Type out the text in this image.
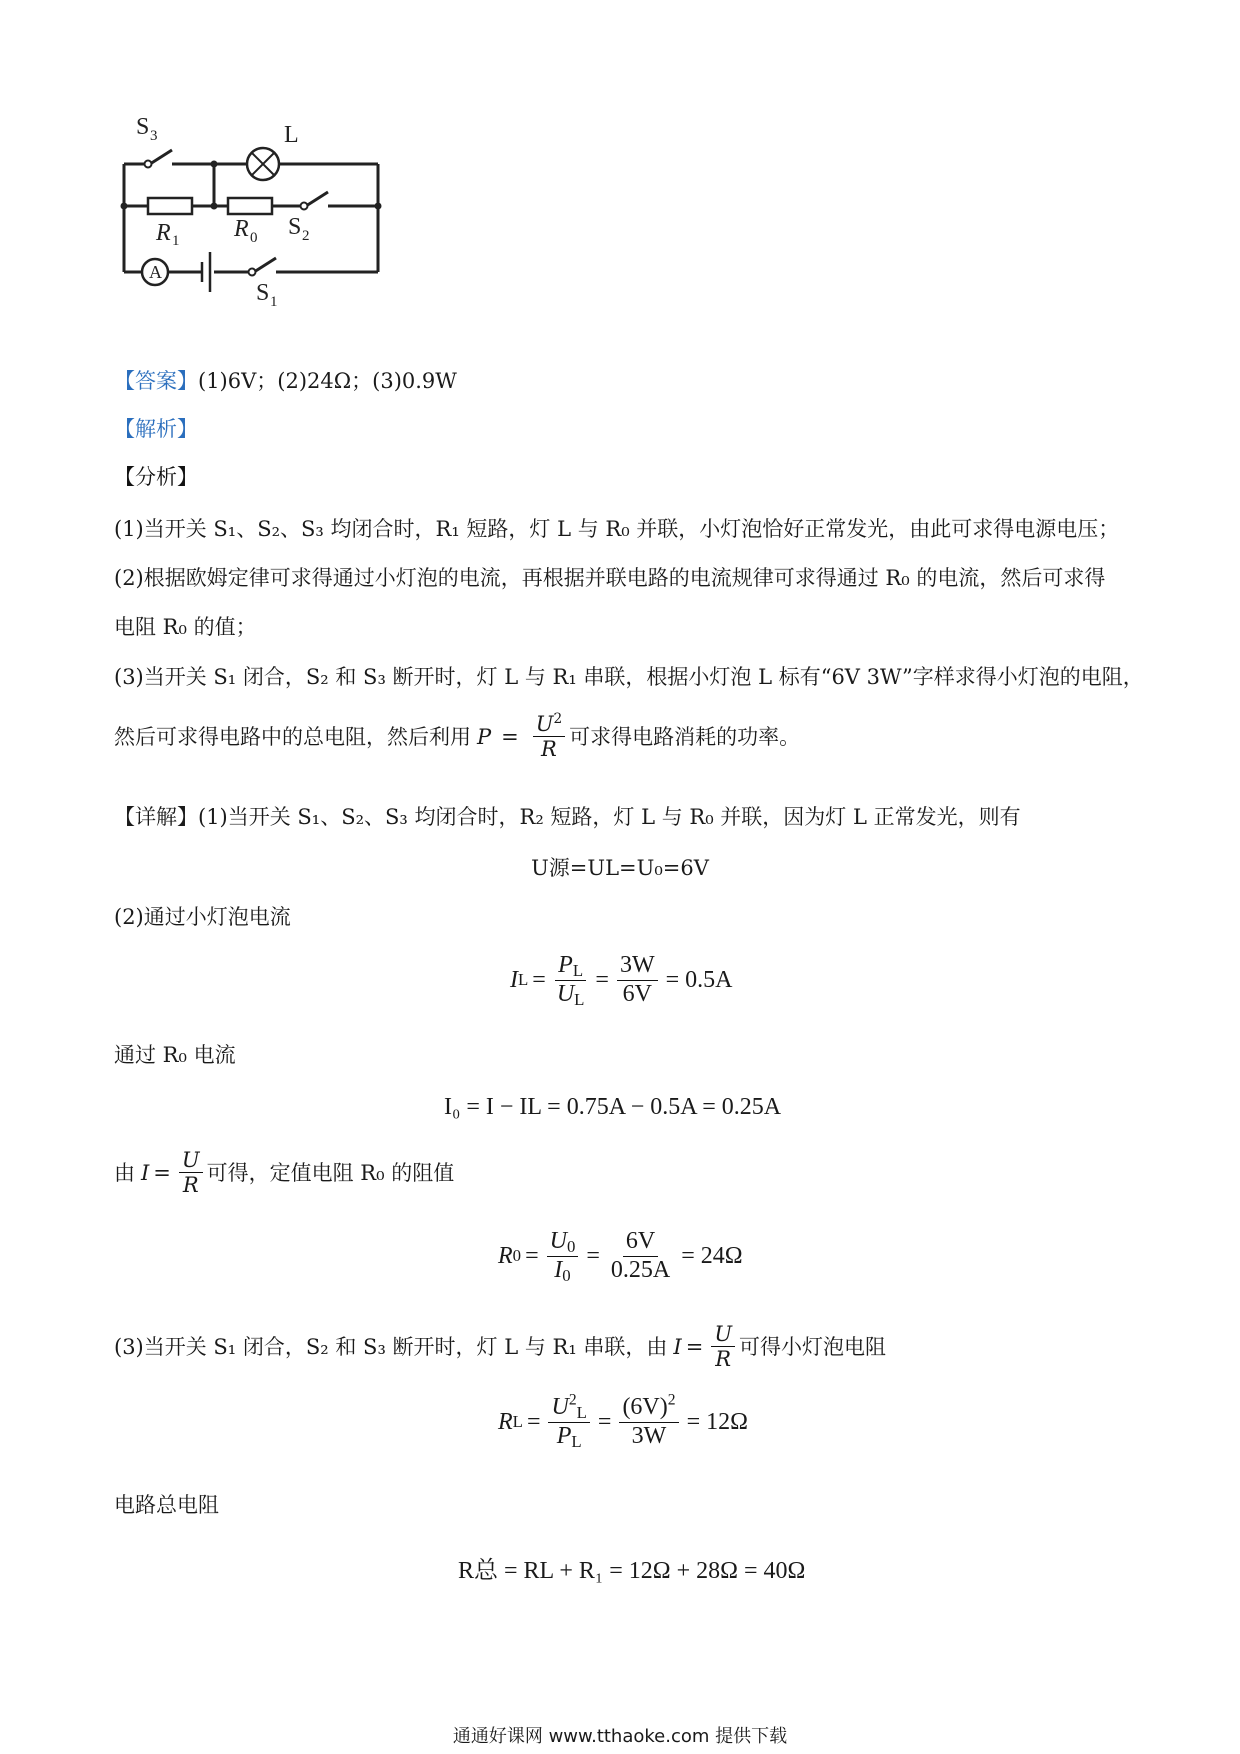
S 3	L
R 1 R 0 S 2
A
S 1
【答案】(1)6V；(2)24Ω；(3)0.9W
【解析】
【分析】
(1)当开关 S₁、S₂、S₃ 均闭合时，R₁ 短路，灯 L 与 R₀ 并联，小灯泡恰好正常发光，由此可求得电源电压；
(2)根据欧姆定律可求得通过小灯泡的电流，再根据并联电路的电流规律可求得通过 R₀ 的电流，然后可求得
电阻 R₀ 的值；
(3)当开关 S₁ 闭合，S₂ 和 S₃ 断开时，灯 L 与 R₁ 串联，根据小灯泡 L 标有“6V 3W”字样求得小灯泡的电阻，
然后可求得电路中的总电阻，然后利用 $P = \frac{U^2}{R}$ 可求得电路消耗的功率。
【详解】(1)当开关 S₁、S₂、S₃ 均闭合时，R₂ 短路，灯 L 与 R₀ 并联，因为灯 L 正常发光，则有
U源=UL=U₀=6V
(2)通过小灯泡电流
I $L = \frac{P_L}{U_L} = \frac{3W}{6V} = 0.5A$
通过 R₀ 电流
I₀ = I − IL = 0.75A − 0.5A = 0.25A
由 $I = \frac{U}{R}$ 可得，定值电阻 R₀ 的阻值
R $0 = \frac{U_0}{I_0} = \frac{6V}{0.25A} = 24\Omega$
(3)当开关 S₁ 闭合，S₂ 和 S₃ 断开时，灯 L 与 R₁ 串联，由 $I = \frac{U}{R}$ 可得小灯泡电阻
R $L = \frac{U^2_L}{P_L} = \frac{(6V)^2}{3W} = 12\Omega$
电路总电阻
R总 = RL + R₁ = 12Ω + 28Ω = 40Ω
通通好课网 www.tthaoke.com 提供下载
